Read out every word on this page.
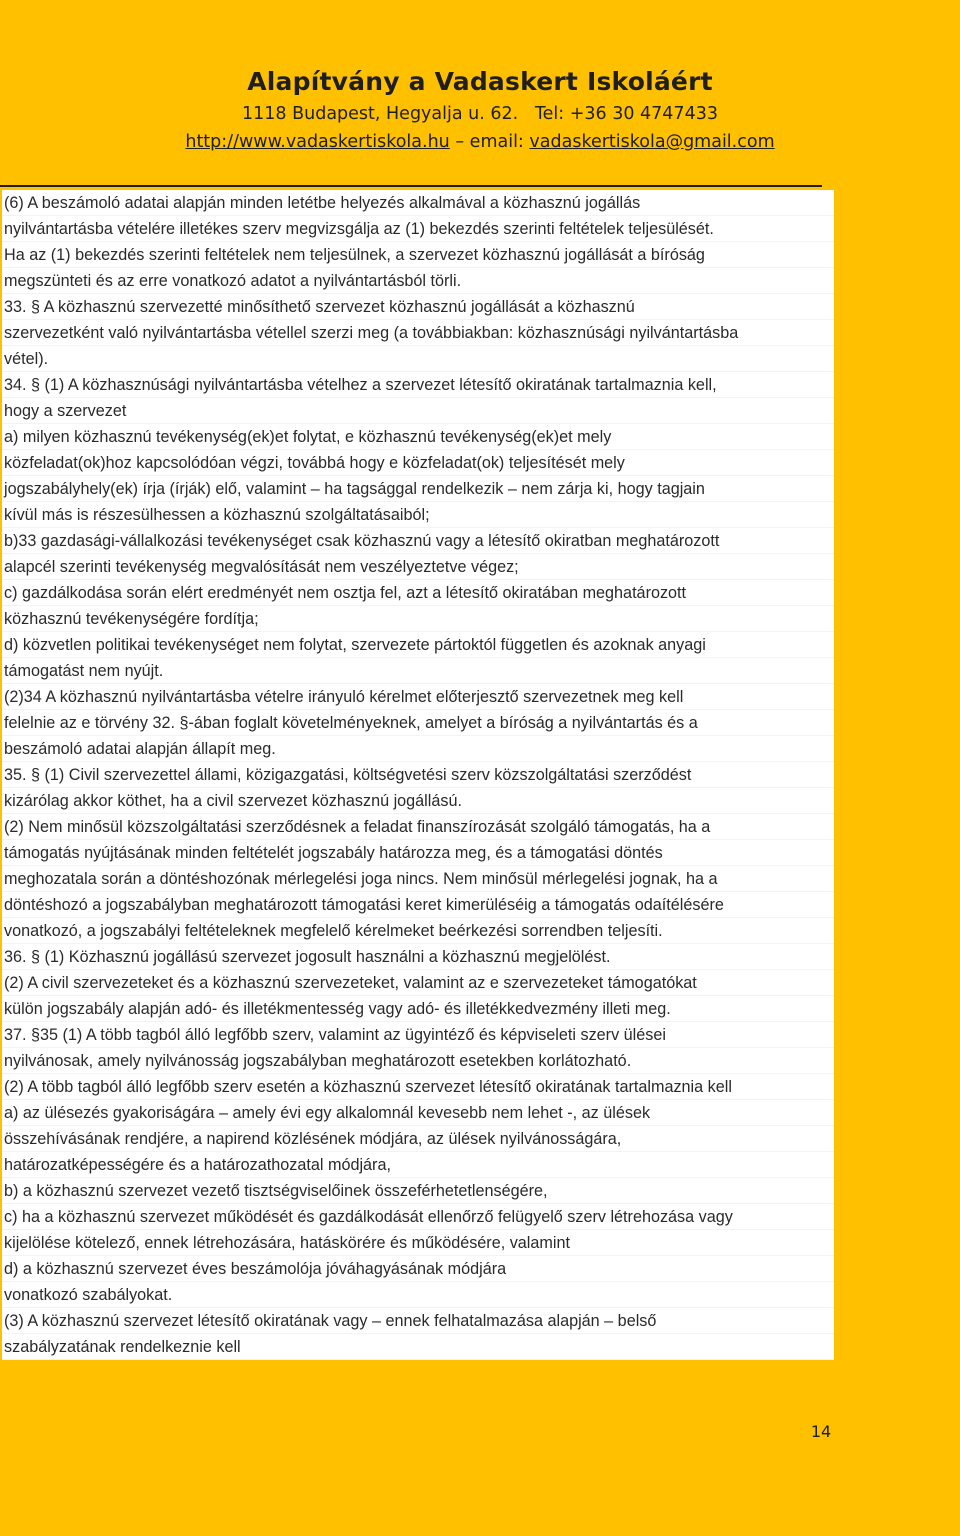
Alapítvány a Vadaskert Iskoláért
1118 Budapest, Hegyalja u. 62. Tel: +36 30 4747433
http://www.vadaskertiskola.hu – email: vadaskertiskola@gmail.com
(6) A beszámoló adatai alapján minden letétbe helyezés alkalmával a közhasznú jogállás
nyilvántartásba vételére illetékes szerv megvizsgálja az (1) bekezdés szerinti feltételek teljesülését.
Ha az (1) bekezdés szerinti feltételek nem teljesülnek, a szervezet közhasznú jogállását a bíróság
megszünteti és az erre vonatkozó adatot a nyilvántartásból törli.
33. § A közhasznú szervezetté minősíthető szervezet közhasznú jogállását a közhasznú
szervezetként való nyilvántartásba vétellel szerzi meg (a továbbiakban: közhasznúsági nyilvántartásba
vétel).
34. § (1) A közhasznúsági nyilvántartásba vételhez a szervezet létesítő okiratának tartalmaznia kell,
hogy a szervezet
a) milyen közhasznú tevékenység(ek)et folytat, e közhasznú tevékenység(ek)et mely
közfeladat(ok)hoz kapcsolódóan végzi, továbbá hogy e közfeladat(ok) teljesítését mely
jogszabályhely(ek) írja (írják) elő, valamint – ha tagsággal rendelkezik – nem zárja ki, hogy tagjain
kívül más is részesülhessen a közhasznú szolgáltatásaiból;
b)33 gazdasági-vállalkozási tevékenységet csak közhasznú vagy a létesítő okiratban meghatározott
alapcél szerinti tevékenység megvalósítását nem veszélyeztetve végez;
c) gazdálkodása során elért eredményét nem osztja fel, azt a létesítő okiratában meghatározott
közhasznú tevékenységére fordítja;
d) közvetlen politikai tevékenységet nem folytat, szervezete pártoktól független és azoknak anyagi
támogatást nem nyújt.
(2)34 A közhasznú nyilvántartásba vételre irányuló kérelmet előterjesztő szervezetnek meg kell
felelnie az e törvény 32. §-ában foglalt követelményeknek, amelyet a bíróság a nyilvántartás és a
beszámoló adatai alapján állapít meg.
35. § (1) Civil szervezettel állami, közigazgatási, költségvetési szerv közszolgáltatási szerződést
kizárólag akkor köthet, ha a civil szervezet közhasznú jogállású.
(2) Nem minősül közszolgáltatási szerződésnek a feladat finanszírozását szolgáló támogatás, ha a
támogatás nyújtásának minden feltételét jogszabály határozza meg, és a támogatási döntés
meghozatala során a döntéshozónak mérlegelési joga nincs. Nem minősül mérlegelési jognak, ha a
döntéshozó a jogszabályban meghatározott támogatási keret kimerüléséig a támogatás odaítélésére
vonatkozó, a jogszabályi feltételeknek megfelelő kérelmeket beérkezési sorrendben teljesíti.
36. § (1) Közhasznú jogállású szervezet jogosult használni a közhasznú megjelölést.
(2) A civil szervezeteket és a közhasznú szervezeteket, valamint az e szervezeteket támogatókat
külön jogszabály alapján adó- és illetékmentesség vagy adó- és illetékkedvezmény illeti meg.
37. §35 (1) A több tagból álló legfőbb szerv, valamint az ügyintéző és képviseleti szerv ülései
nyilvánosak, amely nyilvánosság jogszabályban meghatározott esetekben korlátozható.
(2) A több tagból álló legfőbb szerv esetén a közhasznú szervezet létesítő okiratának tartalmaznia kell
a) az ülésezés gyakoriságára – amely évi egy alkalomnál kevesebb nem lehet -, az ülések
összehívásának rendjére, a napirend közlésének módjára, az ülések nyilvánosságára,
határozatképességére és a határozathozatal módjára,
b) a közhasznú szervezet vezető tisztségviselőinek összeférhetetlenségére,
c) ha a közhasznú szervezet működését és gazdálkodását ellenőrző felügyelő szerv létrehozása vagy
kijelölése kötelező, ennek létrehozására, hatáskörére és működésére, valamint
d) a közhasznú szervezet éves beszámolója jóváhagyásának módjára
vonatkozó szabályokat.
(3) A közhasznú szervezet létesítő okiratának vagy – ennek felhatalmazása alapján – belső
szabályzatának rendelkeznie kell
14
